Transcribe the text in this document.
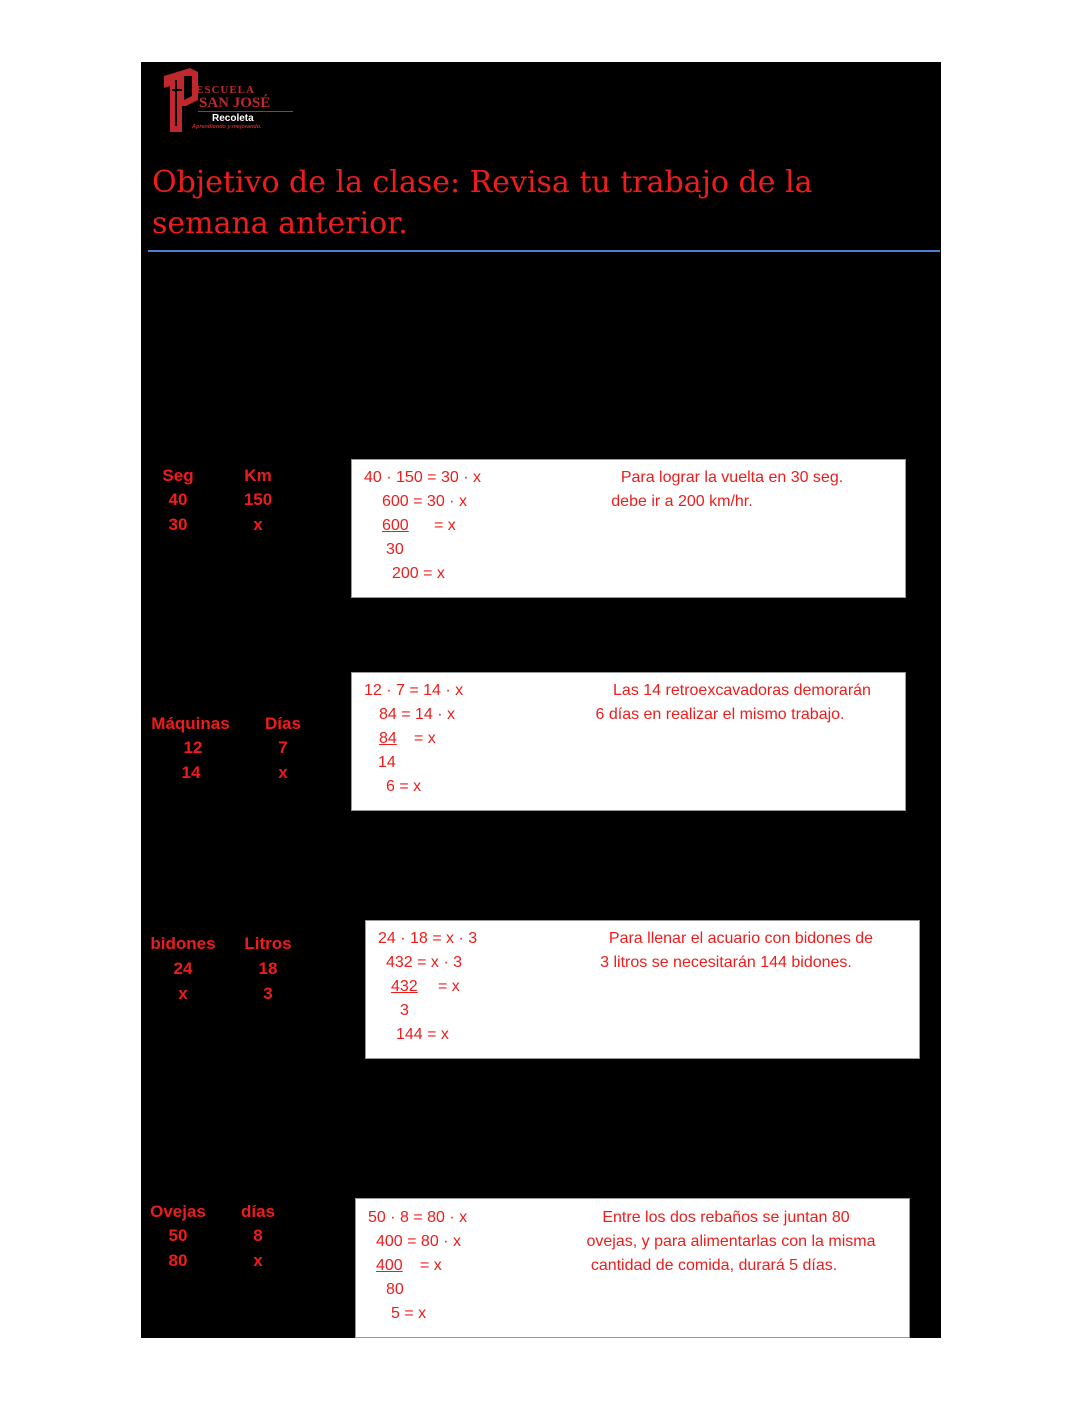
ESCUELA
SAN JOSÉ
Recoleta
Aprendiendo y mejorando.
Objetivo de la clase: Revisa tu trabajo de la semana anterior.
Seg	Km
40	150
30	x
40 · 150 = 30 · x
600 = 30 · x
600 = x
30
200 = x
Para lograr la vuelta en 30 seg.
debe ir a 200 km/hr.
Máquinas	Días
12	7
14	x
12 · 7 = 14 · x
84 = 14 · x
84 = x
14
6 = x
Las 14 retroexcavadoras demorarán
6 días en realizar el mismo trabajo.
bidones	Litros
24	18
x	3
24 · 18 = x · 3
432 = x · 3
432 = x
3
144 = x
Para llenar el acuario con bidones de
3 litros se necesitarán 144 bidones.
Ovejas	días
50	8
80	x
50 · 8 = 80 · x
400 = 80 · x
400 = x
80
5 = x
Entre los dos rebaños se juntan 80
ovejas, y para alimentarlas con la misma
cantidad de comida, durará 5 días.
